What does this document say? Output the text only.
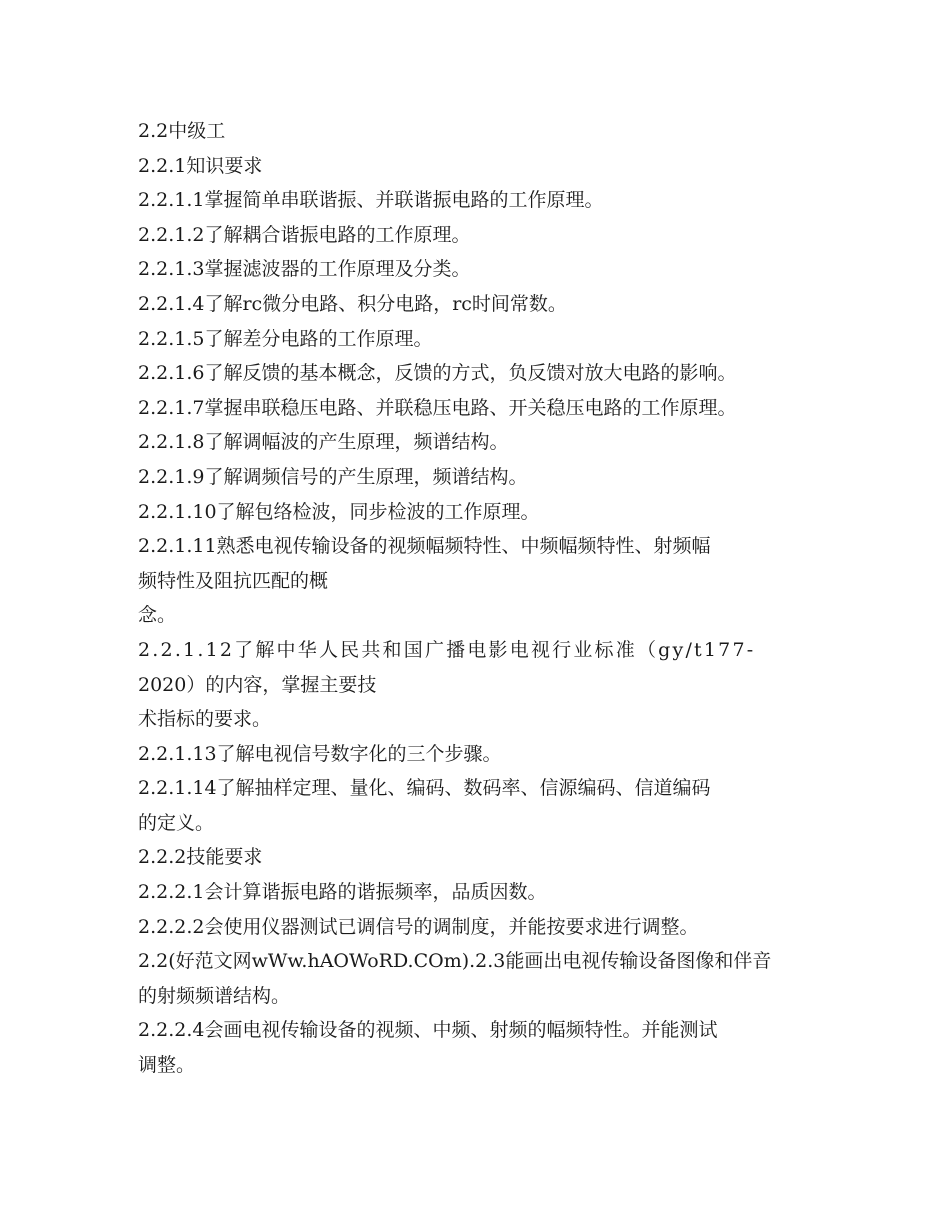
2.2中级工
2.2.1知识要求
2.2.1.1掌握简单串联谐振、并联谐振电路的工作原理。
2.2.1.2了解耦合谐振电路的工作原理。
2.2.1.3掌握滤波器的工作原理及分类。
2.2.1.4了解rc微分电路、积分电路，rc时间常数。
2.2.1.5了解差分电路的工作原理。
2.2.1.6了解反馈的基本概念，反馈的方式，负反馈对放大电路的影响。
2.2.1.7掌握串联稳压电路、并联稳压电路、开关稳压电路的工作原理。
2.2.1.8了解调幅波的产生原理，频谱结构。
2.2.1.9了解调频信号的产生原理，频谱结构。
2.2.1.10了解包络检波，同步检波的工作原理。
2.2.1.11熟悉电视传输设备的视频幅频特性、中频幅频特性、射频幅
频特性及阻抗匹配的概
念。
2.2.1.12了解中华人民共和国广播电影电视行业标准（gy/t177-
2020）的内容，掌握主要技
术指标的要求。
2.2.1.13了解电视信号数字化的三个步骤。
2.2.1.14了解抽样定理、量化、编码、数码率、信源编码、信道编码
的定义。
2.2.2技能要求
2.2.2.1会计算谐振电路的谐振频率，品质因数。
2.2.2.2会使用仪器测试已调信号的调制度，并能按要求进行调整。
2.2(好范文网wWw.hAOWoRD.COm).2.3能画出电视传输设备图像和伴音
的射频频谱结构。
2.2.2.4会画电视传输设备的视频、中频、射频的幅频特性。并能测试
调整。
